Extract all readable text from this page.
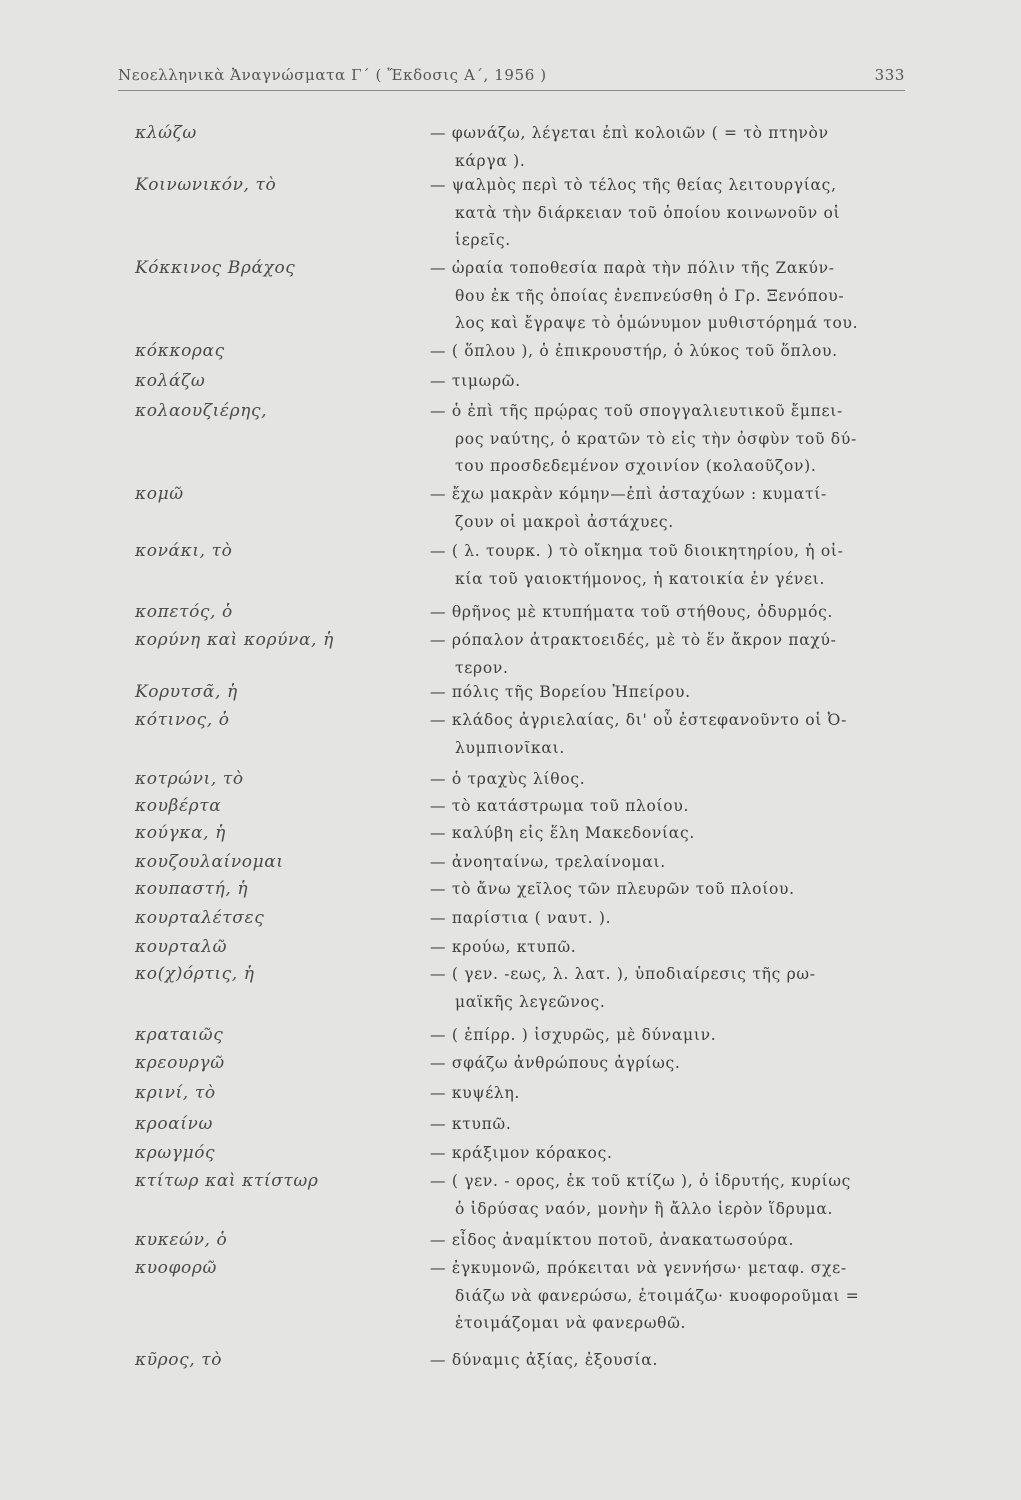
Νεοελληνικὰ Ἀναγνώσματα Γ΄ ( Ἔκδοσις Α΄, 1956 )	333
κλώζω	— φωνάζω, λέγεται ἐπὶ κολοιῶν ( = τὸ πτηνὸν
κάργα ).
Κοινωνικόν, τὸ	— ψαλμὸς περὶ τὸ τέλος τῆς θείας λειτουργίας,
κατὰ τὴν διάρκειαν τοῦ ὁποίου κοινωνοῦν οἱ
ἱερεῖς.
Κόκκινος Βράχος	— ὡραία τοποθεσία παρὰ τὴν πόλιν τῆς Ζακύν-
θου ἐκ τῆς ὁποίας ἐνεπνεύσθη ὁ Γρ. Ξενόπου-
λος καὶ ἔγραψε τὸ ὁμώνυμον μυθιστόρημά του.
κόκκορας	— ( ὅπλου ), ὁ ἐπικρουστήρ, ὁ λύκος τοῦ ὅπλου.
κολάζω	— τιμωρῶ.
κολαουζιέρης,	— ὁ ἐπὶ τῆς πρῴρας τοῦ σπογγαλιευτικοῦ ἔμπει-
ρος ναύτης, ὁ κρατῶν τὸ εἰς τὴν ὀσφὺν τοῦ δύ-
του προσδεδεμένον σχοινίον (κολαοῦζον).
κομῶ	— ἔχω μακρὰν κόμην—ἐπὶ ἀσταχύων : κυματί-
ζουν οἱ μακροὶ ἀστάχυες.
κονάκι, τὸ	— ( λ. τουρκ. ) τὸ οἴκημα τοῦ διοικητηρίου, ἡ οἰ-
κία τοῦ γαιοκτήμονος, ἡ κατοικία ἐν γένει.
κοπετός, ὁ	— θρῆνος μὲ κτυπήματα τοῦ στήθους, ὀδυρμός.
κορύνη καὶ κορύνα, ἡ	— ρόπαλον ἀτρακτοειδές, μὲ τὸ ἕν ἄκρον παχύ-
τερον.
Κορυτσᾶ, ἡ	— πόλις τῆς Βορείου Ἠπείρου.
κότινος, ὁ	— κλάδος ἀγριελαίας, δι' οὗ ἐστεφανοῦντο οἱ Ὀ-
λυμπιονῖκαι.
κοτρώνι, τὸ	— ὁ τραχὺς λίθος.
κουβέρτα	— τὸ κατάστρωμα τοῦ πλοίου.
κούγκα, ἡ	— καλύβη εἰς ἕλη Μακεδονίας.
κουζουλαίνομαι	— ἀνοηταίνω, τρελαίνομαι.
κουπαστή, ἡ	— τὸ ἄνω χεῖλος τῶν πλευρῶν τοῦ πλοίου.
κουρταλέτσες	— παρίστια ( ναυτ. ).
κουρταλῶ	— κρούω, κτυπῶ.
κο(χ)όρτις, ἡ	— ( γεν. -εως, λ. λατ. ), ὑποδιαίρεσις τῆς ρω-
μαϊκῆς λεγεῶνος.
κραταιῶς	— ( ἐπίρρ. ) ἰσχυρῶς, μὲ δύναμιν.
κρεουργῶ	— σφάζω ἀνθρώπους ἀγρίως.
κρινί, τὸ	— κυψέλη.
κροαίνω	— κτυπῶ.
κρωγμός	— κράξιμον κόρακος.
κτίτωρ καὶ κτίστωρ	— ( γεν. - ορος, ἐκ τοῦ κτίζω ), ὁ ἱδρυτής, κυρίως
ὁ ἱδρύσας ναόν, μονὴν ἢ ἄλλο ἱερὸν ἵδρυμα.
κυκεών, ὁ	— εἶδος ἀναμίκτου ποτοῦ, ἀνακατωσούρα.
κυοφορῶ	— ἐγκυμονῶ, πρόκειται νὰ γεννήσω· μεταφ. σχε-
διάζω νὰ φανερώσω, ἑτοιμάζω· κυοφοροῦμαι =
ἑτοιμάζομαι νὰ φανερωθῶ.
κῦρος, τὸ	— δύναμις ἀξίας, ἐξουσία.
